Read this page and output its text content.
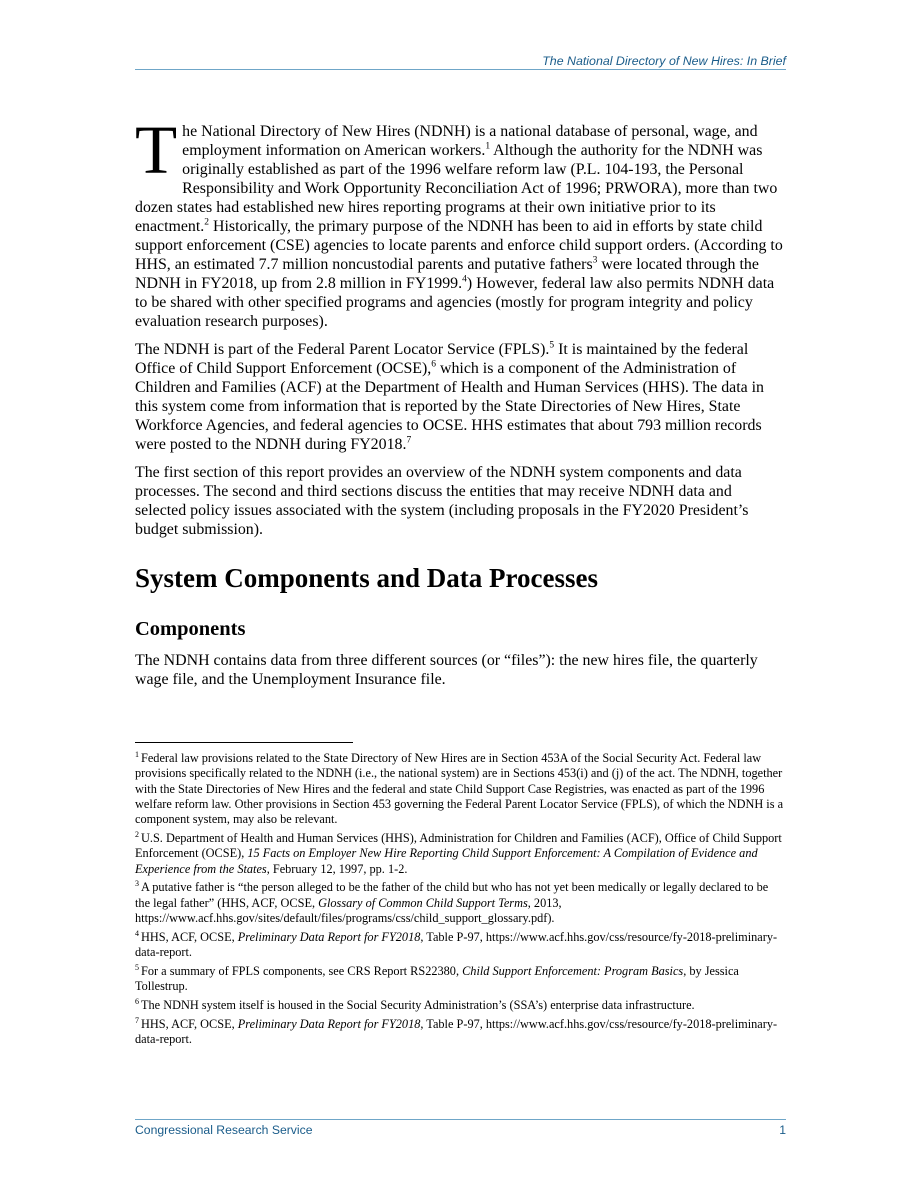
The National Directory of New Hires: In Brief

The National Directory of New Hires (NDNH) is a national database of personal, wage, and employment information on American workers.$^1$ Although the authority for the NDNH was originally established as part of the 1996 welfare reform law (P.L. 104-193, the Personal Responsibility and Work Opportunity Reconciliation Act of 1996; PRWORA), more than two dozen states had established new hires reporting programs at their own initiative prior to its enactment.$^2$ Historically, the primary purpose of the NDNH has been to aid in efforts by state child support enforcement (CSE) agencies to locate parents and enforce child support orders. (According to HHS, an estimated 7.7 million noncustodial parents and putative fathers$^3$ were located through the NDNH in FY2018, up from 2.8 million in FY1999.$^4$) However, federal law also permits NDNH data to be shared with other specified programs and agencies (mostly for program integrity and policy evaluation research purposes).

The NDNH is part of the Federal Parent Locator Service (FPLS).$^5$ It is maintained by the federal Office of Child Support Enforcement (OCSE),$^6$ which is a component of the Administration of Children and Families (ACF) at the Department of Health and Human Services (HHS). The data in this system come from information that is reported by the State Directories of New Hires, State Workforce Agencies, and federal agencies to OCSE. HHS estimates that about 793 million records were posted to the NDNH during FY2018.$^7$

The first section of this report provides an overview of the NDNH system components and data processes. The second and third sections discuss the entities that may receive NDNH data and selected policy issues associated with the system (including proposals in the FY2020 President’s budget submission).

System Components and Data Processes
Components

The NDNH contains data from three different sources (or “files”): the new hires file, the quarterly wage file, and the Unemployment Insurance file.

$^1$ Federal law provisions related to the State Directory of New Hires are in Section 453A of the Social Security Act. Federal law provisions specifically related to the NDNH (i.e., the national system) are in Sections 453(i) and (j) of the act. The NDNH, together with the State Directories of New Hires and the federal and state Child Support Case Registries, was enacted as part of the 1996 welfare reform law. Other provisions in Section 453 governing the Federal Parent Locator Service (FPLS), of which the NDNH is a component system, may also be relevant.

$^2$ U.S. Department of Health and Human Services (HHS), Administration for Children and Families (ACF), Office of Child Support Enforcement (OCSE), 15 Facts on Employer New Hire Reporting Child Support Enforcement: A Compilation of Evidence and Experience from the States, February 12, 1997, pp. 1-2.

$^3$ A putative father is “the person alleged to be the father of the child but who has not yet been medically or legally declared to be the legal father” (HHS, ACF, OCSE, Glossary of Common Child Support Terms, 2013, https://www.acf.hhs.gov/sites/default/files/programs/css/child_support_glossary.pdf).

$^4$ HHS, ACF, OCSE, Preliminary Data Report for FY2018, Table P-97, https://www.acf.hhs.gov/css/resource/fy-2018-preliminary-data-report.

$^5$ For a summary of FPLS components, see CRS Report RS22380, Child Support Enforcement: Program Basics, by Jessica Tollestrup.

$^6$ The NDNH system itself is housed in the Social Security Administration’s (SSA’s) enterprise data infrastructure.

$^7$ HHS, ACF, OCSE, Preliminary Data Report for FY2018, Table P-97, https://www.acf.hhs.gov/css/resource/fy-2018-preliminary-data-report.

Congressional Research Service	1
